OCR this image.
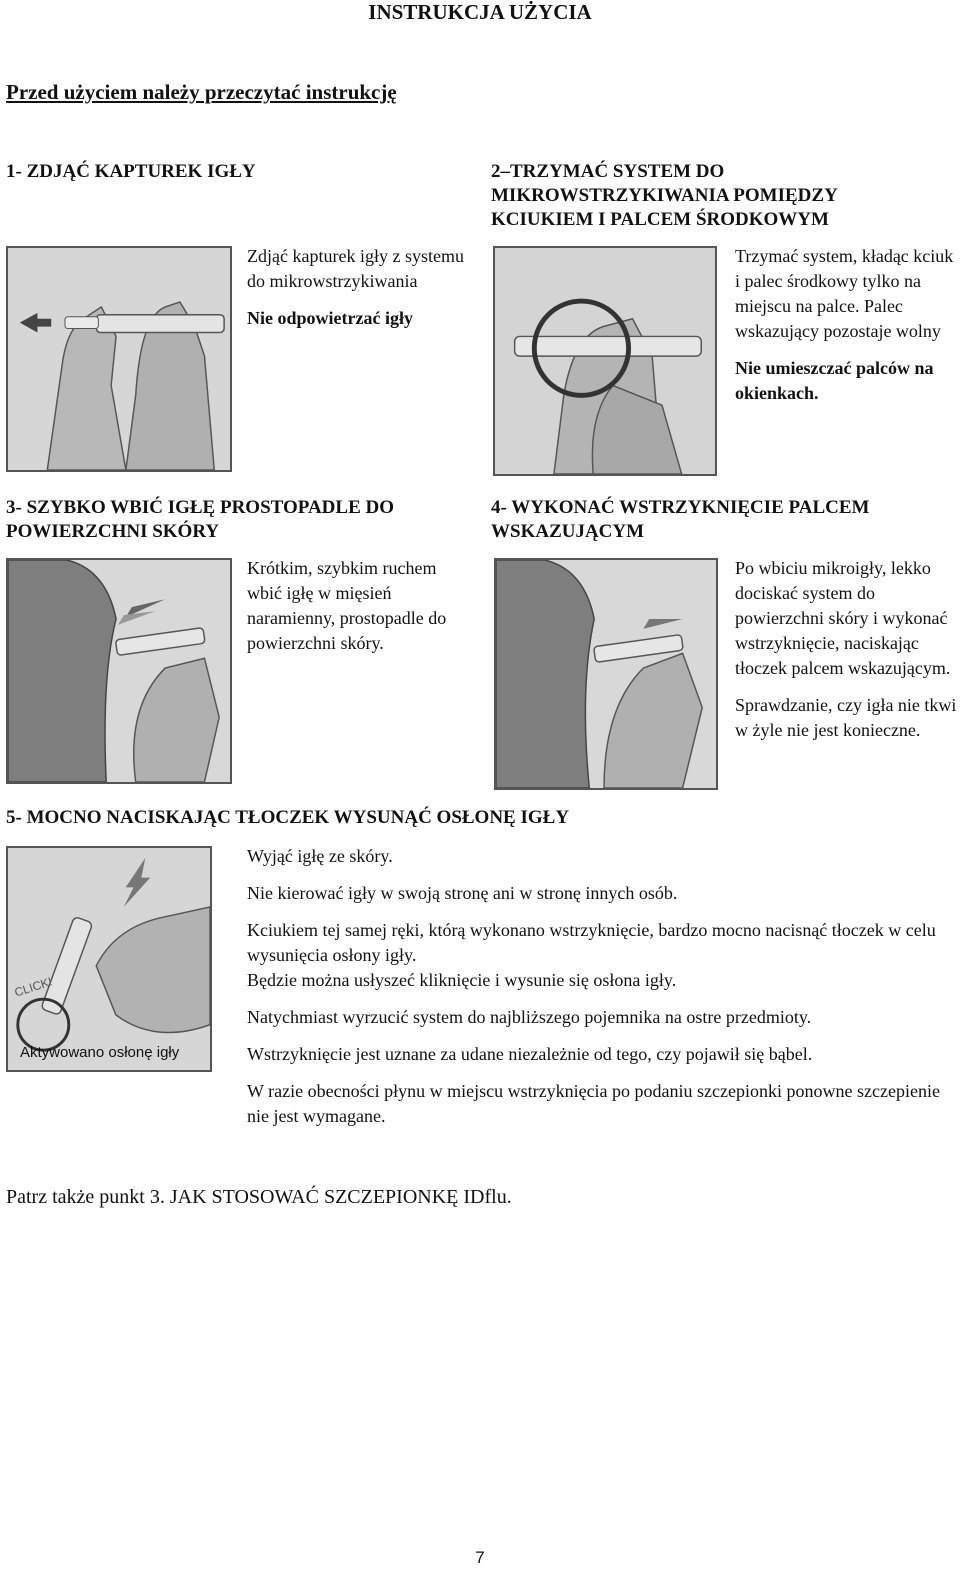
INSTRUKCJA UŻYCIA
Przed użyciem należy przeczytać instrukcję
1- ZDJĄĆ KAPTUREK IGŁY

Zdjąć kapturek igły z systemu do mikrowstrzykiwania

Nie odpowietrzać igły

2–TRZYMAĆ SYSTEM DO MIKROWSTRZYKIWANIA POMIĘDZY KCIUKIEM I PALCEM ŚRODKOWYM

Trzymać system, kładąc kciuk i palec środkowy tylko na miejscu na palce. Palec wskazujący pozostaje wolny

Nie umieszczać palców na okienkach.

3- SZYBKO WBIĆ IGŁĘ PROSTOPADLE DO POWIERZCHNI SKÓRY

Krótkim, szybkim ruchem wbić igłę w mięsień naramienny, prostopadle do powierzchni skóry.

4- WYKONAĆ WSTRZYKNIĘCIE PALCEM WSKAZUJĄCYM

Po wbiciu mikroigły, lekko dociskać system do powierzchni skóry i wykonać wstrzyknięcie, naciskając tłoczek palcem wskazującym.

Sprawdzanie, czy igła nie tkwi w żyle nie jest konieczne.

5- MOCNO NACISKAJĄC TŁOCZEK WYSUNĄĆ OSŁONĘ IGŁY
CLICK!
Aktywowano osłonę igły

Wyjąć igłę ze skóry.

Nie kierować igły w swoją stronę ani w stronę innych osób.

Kciukiem tej samej ręki, którą wykonano wstrzyknięcie, bardzo mocno nacisnąć tłoczek w celu wysunięcia osłony igły.

Będzie można usłyszeć kliknięcie i wysunie się osłona igły.

Natychmiast wyrzucić system do najbliższego pojemnika na ostre przedmioty.

Wstrzyknięcie jest uznane za udane niezależnie od tego, czy pojawił się bąbel.

W razie obecności płynu w miejscu wstrzyknięcia po podaniu szczepionki ponowne szczepienie nie jest wymagane.

Patrz także punkt 3. JAK STOSOWAĆ SZCZEPIONKĘ IDflu.
7
